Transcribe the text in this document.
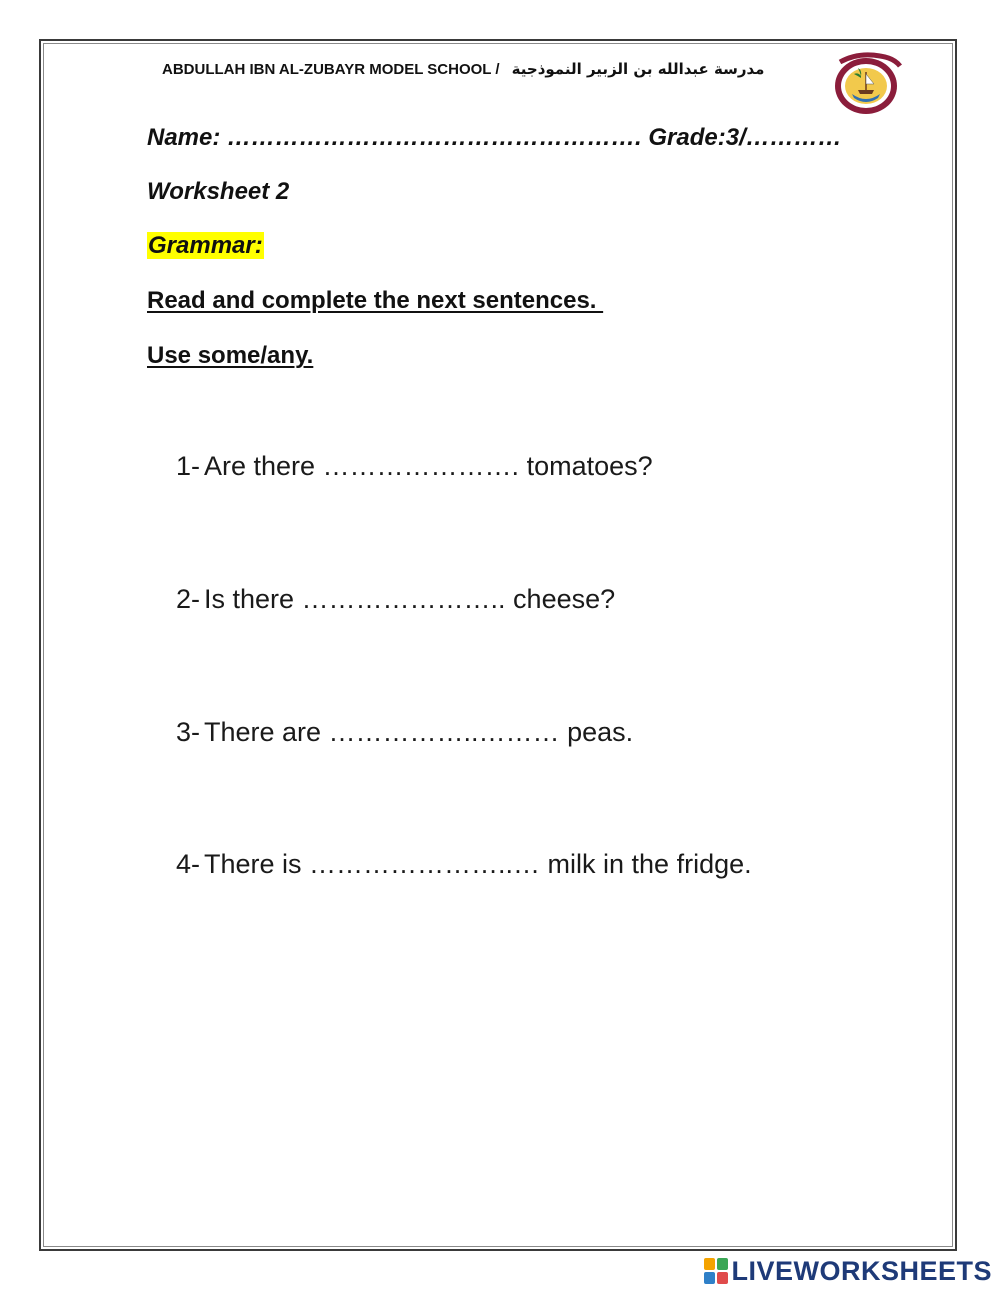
ABDULLAH IBN AL-ZUBAYR MODEL SCHOOL / مدرسة عبدالله بن الزبير النموذجية
Name: ……………………………………………. Grade:3/…………
Worksheet 2
Grammar:
Read and complete the next sentences.
Use some/any.
1- Are there …………………. tomatoes?
2- Is there ………………….. cheese?
3- There are ……………..……… peas.
4- There is …………………..… milk in the fridge.
LIVEWORKSHEETS
